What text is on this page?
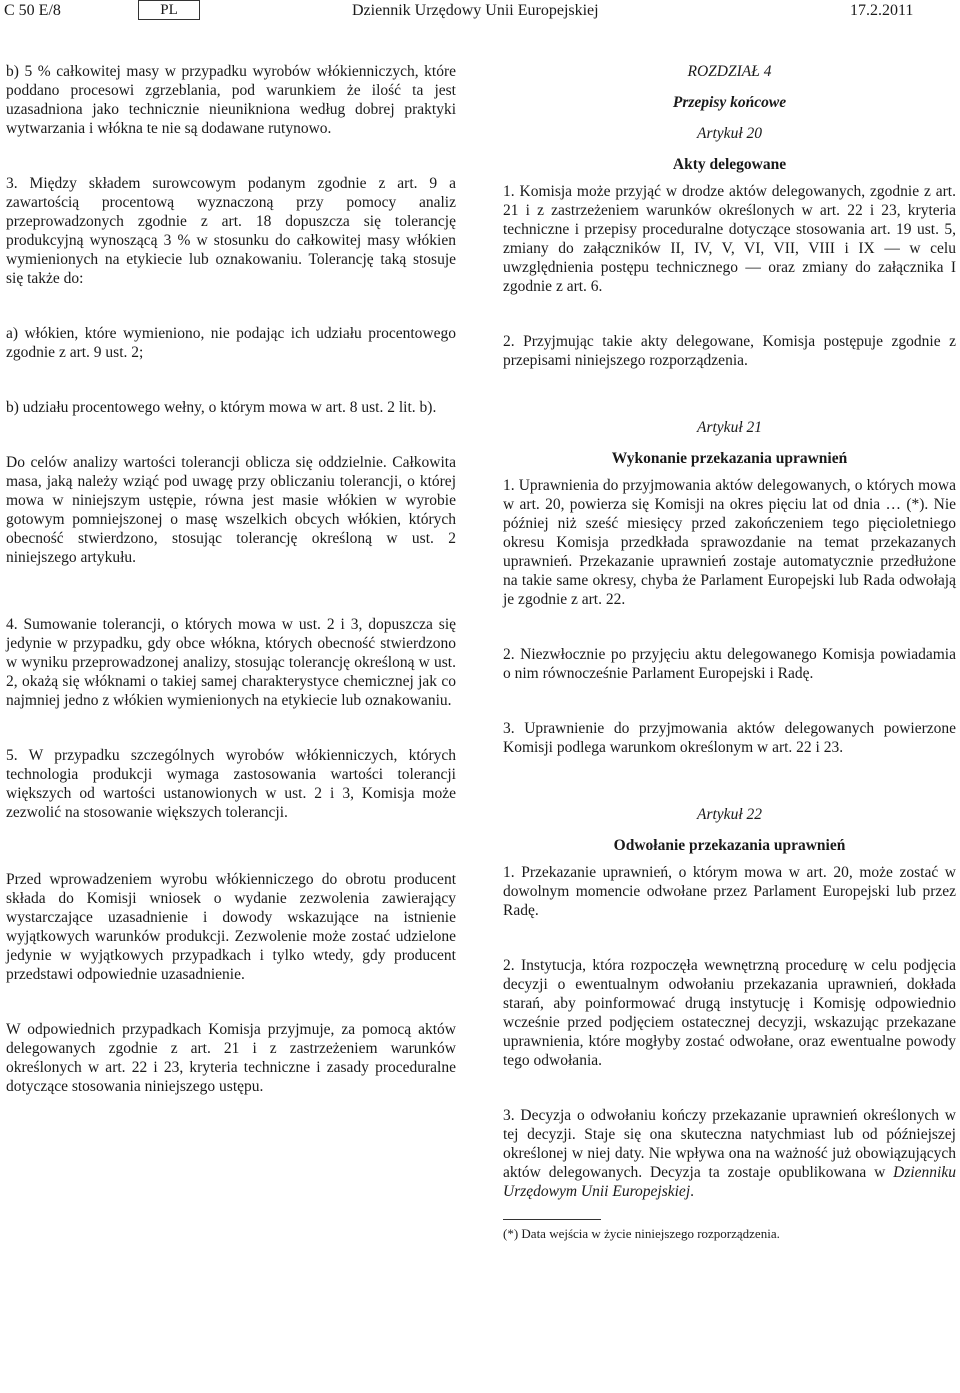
C 50 E/8	PL	Dziennik Urzędowy Unii Europejskiej	17.2.2011

b) 5 % całkowitej masy w przypadku wyrobów włókienniczych, które poddano procesowi zgrzeblania, pod warunkiem że ilość ta jest uzasadniona jako technicznie nieunikniona według dobrej praktyki wytwarzania i włókna te nie są dodawane rutynowo.

3. Między składem surowcowym podanym zgodnie z art. 9 a zawartością procentową wyznaczoną przy pomocy analiz przeprowadzonych zgodnie z art. 18 dopuszcza się tolerancję produkcyjną wynoszącą 3 % w stosunku do całkowitej masy włókien wymienionych na etykiecie lub oznakowaniu. Tolerancję taką stosuje się także do:

a) włókien, które wymieniono, nie podając ich udziału procentowego zgodnie z art. 9 ust. 2;

b) udziału procentowego wełny, o którym mowa w art. 8 ust. 2 lit. b).

Do celów analizy wartości tolerancji oblicza się oddzielnie. Całkowita masa, jaką należy wziąć pod uwagę przy obliczaniu tolerancji, o której mowa w niniejszym ustępie, równa jest masie włókien w wyrobie gotowym pomniejszonej o masę wszelkich obcych włókien, których obecność stwierdzono, stosując tolerancję określoną w ust. 2 niniejszego artykułu.

4. Sumowanie tolerancji, o których mowa w ust. 2 i 3, dopuszcza się jedynie w przypadku, gdy obce włókna, których obecność stwierdzono w wyniku przeprowadzonej analizy, stosując tolerancję określoną w ust. 2, okażą się włóknami o takiej samej charakterystyce chemicznej jak co najmniej jedno z włókien wymienionych na etykiecie lub oznakowaniu.

5. W przypadku szczególnych wyrobów włókienniczych, których technologia produkcji wymaga zastosowania wartości tolerancji większych od wartości ustanowionych w ust. 2 i 3, Komisja może zezwolić na stosowanie większych tolerancji.

Przed wprowadzeniem wyrobu włókienniczego do obrotu producent składa do Komisji wniosek o wydanie zezwolenia zawierający wystarczające uzasadnienie i dowody wskazujące na istnienie wyjątkowych warunków produkcji. Zezwolenie może zostać udzielone jedynie w wyjątkowych przypadkach i tylko wtedy, gdy producent przedstawi odpowiednie uzasadnienie.

W odpowiednich przypadkach Komisja przyjmuje, za pomocą aktów delegowanych zgodnie z art. 21 i z zastrzeżeniem warunków określonych w art. 22 i 23, kryteria techniczne i zasady proceduralne dotyczące stosowania niniejszego ustępu.

ROZDZIAŁ 4
Przepisy końcowe
Artykuł 20
Akty delegowane

1. Komisja może przyjąć w drodze aktów delegowanych, zgodnie z art. 21 i z zastrzeżeniem warunków określonych w art. 22 i 23, kryteria techniczne i przepisy proceduralne dotyczące stosowania art. 19 ust. 5, zmiany do załączników II, IV, V, VI, VII, VIII i IX — w celu uwzględnienia postępu technicznego — oraz zmiany do załącznika I zgodnie z art. 6.

2. Przyjmując takie akty delegowane, Komisja postępuje zgodnie z przepisami niniejszego rozporządzenia.

Artykuł 21
Wykonanie przekazania uprawnień

1. Uprawnienia do przyjmowania aktów delegowanych, o których mowa w art. 20, powierza się Komisji na okres pięciu lat od dnia … (*). Nie później niż sześć miesięcy przed zakończeniem tego pięcioletniego okresu Komisja przedkłada sprawozdanie na temat przekazanych uprawnień. Przekazanie uprawnień zostaje automatycznie przedłużone na takie same okresy, chyba że Parlament Europejski lub Rada odwołają je zgodnie z art. 22.

2. Niezwłocznie po przyjęciu aktu delegowanego Komisja powiadamia o nim równocześnie Parlament Europejski i Radę.

3. Uprawnienie do przyjmowania aktów delegowanych powierzone Komisji podlega warunkom określonym w art. 22 i 23.

Artykuł 22
Odwołanie przekazania uprawnień

1. Przekazanie uprawnień, o którym mowa w art. 20, może zostać w dowolnym momencie odwołane przez Parlament Europejski lub przez Radę.

2. Instytucja, która rozpoczęła wewnętrzną procedurę w celu podjęcia decyzji o ewentualnym odwołaniu przekazania uprawnień, dokłada starań, aby poinformować drugą instytucję i Komisję odpowiednio wcześnie przed podjęciem ostatecznej decyzji, wskazując przekazane uprawnienia, które mogłyby zostać odwołane, oraz ewentualne powody tego odwołania.

3. Decyzja o odwołaniu kończy przekazanie uprawnień określonych w tej decyzji. Staje się ona skuteczna natychmiast lub od późniejszej określonej w niej daty. Nie wpływa ona na ważność już obowiązujących aktów delegowanych. Decyzja ta zostaje opublikowana w Dzienniku Urzędowym Unii Europejskiej.

(*) Data wejścia w życie niniejszego rozporządzenia.
